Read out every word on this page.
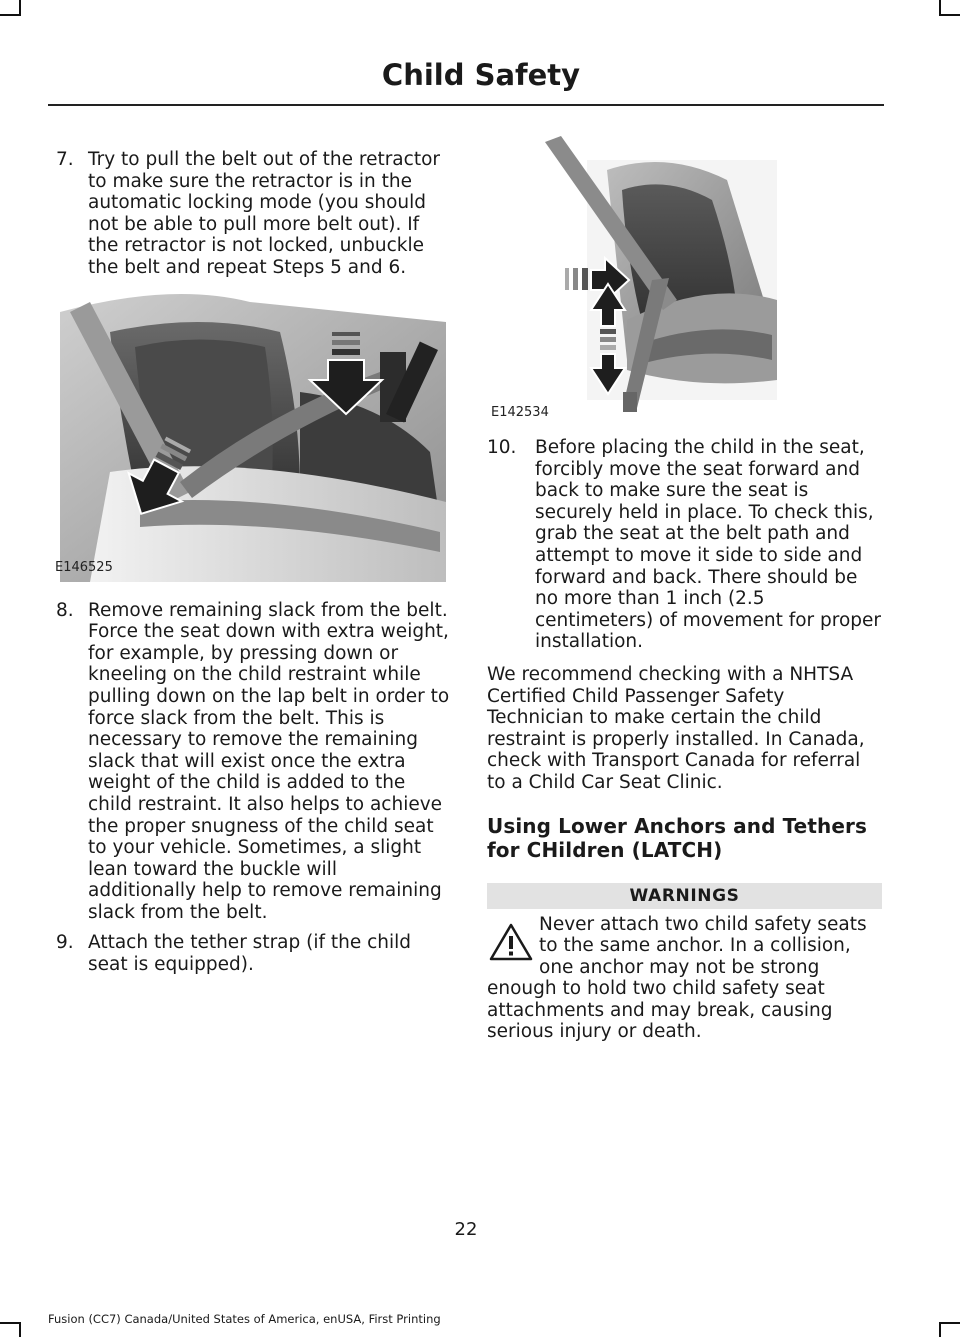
Child Safety
7. Try to pull the belt out of the retractor to make sure the retractor is in the automatic locking mode (you should not be able to pull more belt out). If the retractor is not locked, unbuckle the belt and repeat Steps 5 and 6.
E146525
8. Remove remaining slack from the belt. Force the seat down with extra weight, for example, by pressing down or kneeling on the child restraint while pulling down on the lap belt in order to force slack from the belt. This is necessary to remove the remaining slack that will exist once the extra weight of the child is added to the child restraint. It also helps to achieve the proper snugness of the child seat to your vehicle. Sometimes, a slight lean toward the buckle will additionally help to remove remaining slack from the belt.
9. Attach the tether strap (if the child seat is equipped).
E142534
10. Before placing the child in the seat, forcibly move the seat forward and back to make sure the seat is securely held in place. To check this, grab the seat at the belt path and attempt to move it side to side and forward and back. There should be no more than 1 inch (2.5 centimeters) of movement for proper installation.

We recommend checking with a NHTSA Certified Child Passenger Safety Technician to make certain the child restraint is properly installed. In Canada, check with Transport Canada for referral to a Child Car Seat Clinic.

Using Lower Anchors and Tethers for CHildren (LATCH)
WARNINGS
Never attach two child safety seats to the same anchor. In a collision, one anchor may not be strong enough to hold two child safety seat attachments and may break, causing serious injury or death.
22
Fusion (CC7) Canada/United States of America, enUSA, First Printing
